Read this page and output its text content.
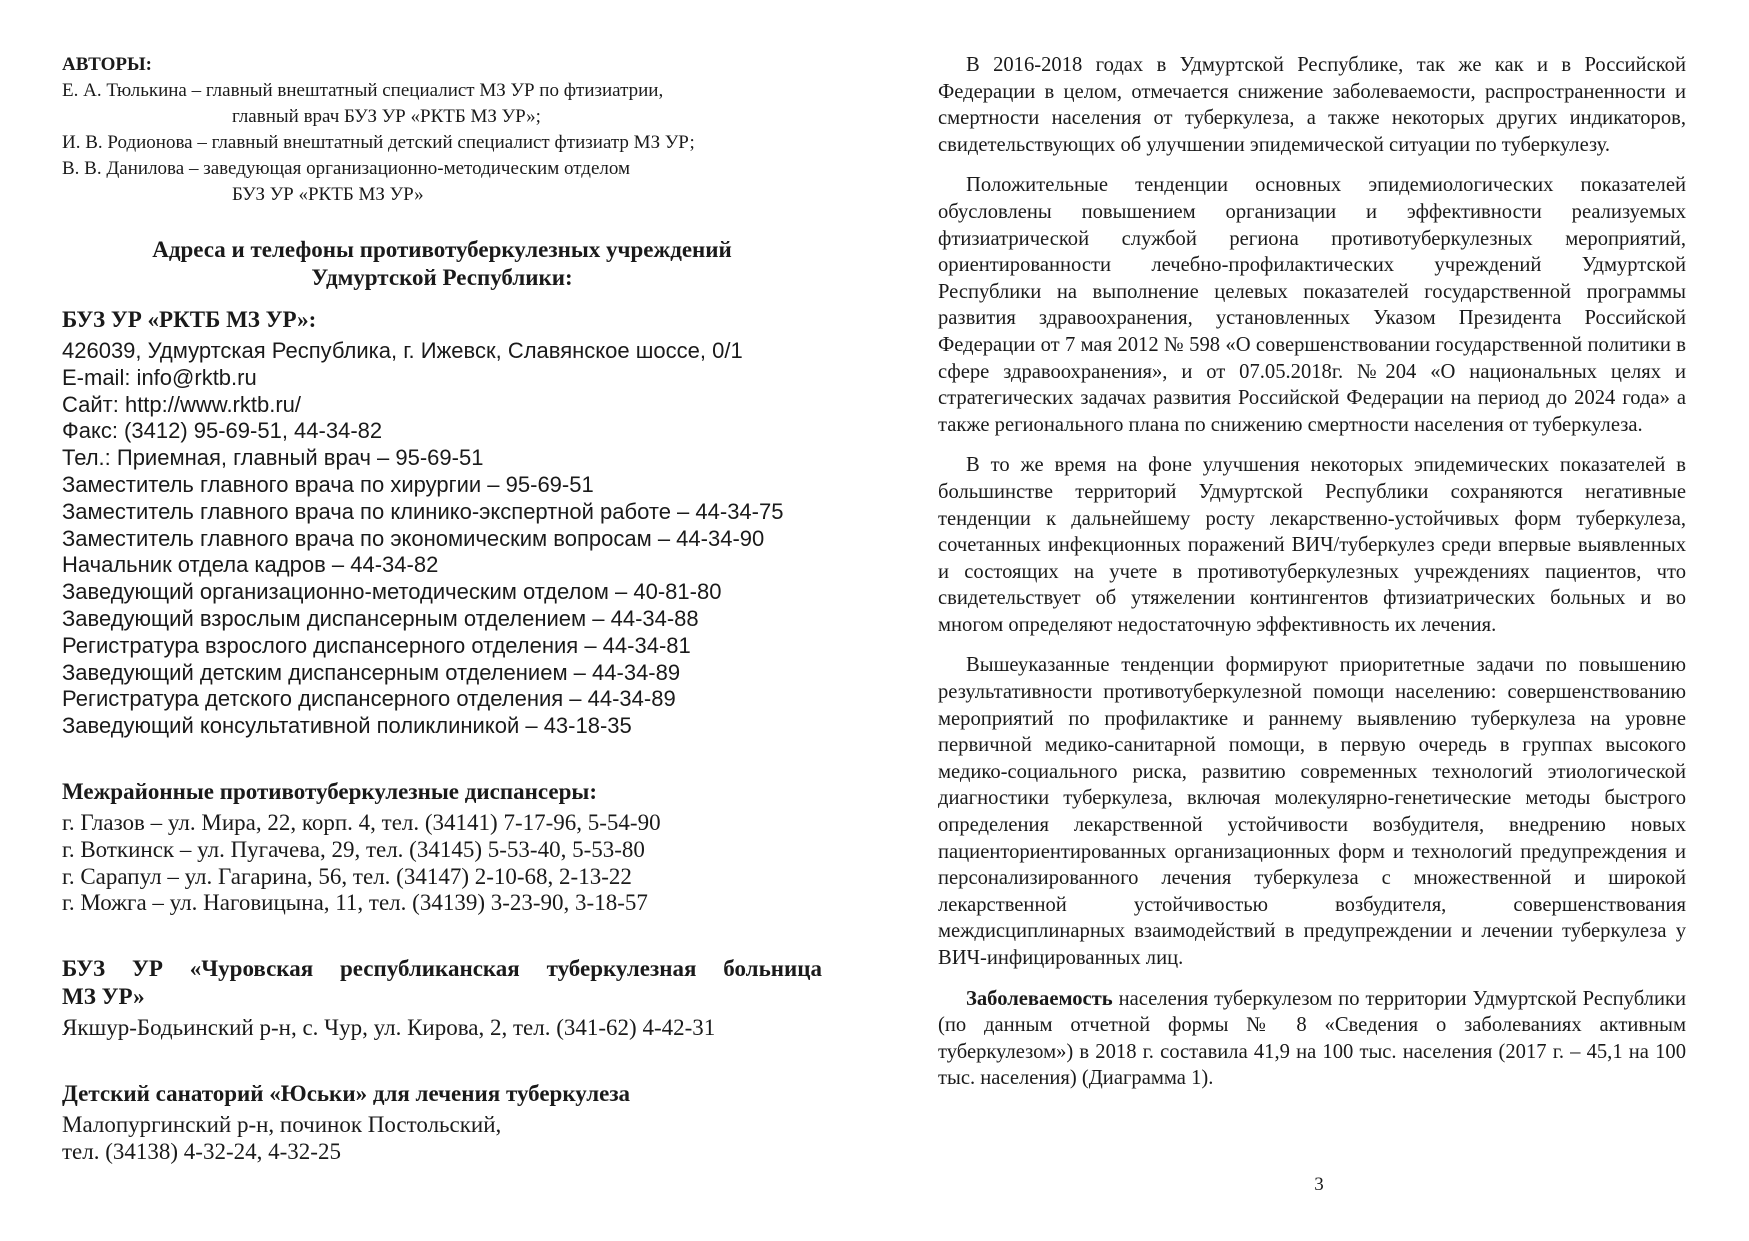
АВТОРЫ:

Е. А. Тюлькина – главный внештатный специалист МЗ УР по фтизиатрии,
главный врач БУЗ УР «РКТБ МЗ УР»;

И. В. Родионова – главный внештатный детский специалист фтизиатр МЗ УР;

В. В. Данилова – заведующая организационно-методическим отделом
БУЗ УР «РКТБ МЗ УР»

Адреса и телефоны противотуберкулезных учреждений
Удмуртской Республики:
БУЗ УР «РКТБ МЗ УР»:
426039, Удмуртская Республика, г. Ижевск, Славянское шоссе, 0/1
E-mail: info@rktb.ru
Сайт: http://www.rktb.ru/
Факс: (3412) 95-69-51, 44-34-82
Тел.: Приемная, главный врач – 95-69-51
Заместитель главного врача по хирургии – 95-69-51
Заместитель главного врача по клинико-экспертной работе – 44-34-75
Заместитель главного врача по экономическим вопросам – 44-34-90
Начальник отдела кадров – 44-34-82
Заведующий организационно-методическим отделом – 40-81-80
Заведующий взрослым диспансерным отделением – 44-34-88
Регистратура взрослого диспансерного отделения – 44-34-81
Заведующий детским диспансерным отделением – 44-34-89
Регистратура детского диспансерного отделения – 44-34-89
Заведующий консультативной поликлиникой – 43-18-35
Межрайонные противотуберкулезные диспансеры:
г. Глазов – ул. Мира, 22, корп. 4, тел. (34141) 7-17-96, 5-54-90
г. Воткинск – ул. Пугачева, 29, тел. (34145) 5-53-40, 5-53-80
г. Сарапул – ул. Гагарина, 56, тел. (34147) 2-10-68, 2-13-22
г. Можга – ул. Наговицына, 11, тел. (34139) 3-23-90, 3-18-57
БУЗ УР «Чуровская республиканская туберкулезная больница
МЗ УР»
Якшур-Бодьинский р-н, с. Чур, ул. Кирова, 2, тел. (341-62) 4-42-31
Детский санаторий «Юськи» для лечения туберкулеза
Малопургинский р-н, починок Постольский,
тел. (34138) 4-32-24, 4-32-25

В 2016-2018 годах в Удмуртской Республике, так же как и в Российской Федерации в целом, отмечается снижение заболеваемости, распространенности и смертности населения от туберкулеза, а также некоторых других индикаторов, свидетельствующих об улучшении эпидемической ситуации по туберкулезу.

Положительные тенденции основных эпидемиологических показателей обусловлены повышением организации и эффективности реализуемых фтизиатрической службой региона противотуберкулезных мероприятий, ориентированности лечебно-профилактических учреждений Удмуртской Республики на выполнение целевых показателей государственной программы развития здравоохранения, установленных Указом Президента Российской Федерации от 7 мая 2012 № 598 «О совершенствовании государственной политики в сфере здравоохранения», и от 07.05.2018г. №204 «О национальных целях и стратегических задачах развития Российской Федерации на период до 2024 года» а также регионального плана по снижению смертности населения от туберкулеза.

В то же время на фоне улучшения некоторых эпидемических показателей в большинстве территорий Удмуртской Республики сохраняются негативные тенденции к дальнейшему росту лекарственно-устойчивых форм туберкулеза, сочетанных инфекционных поражений ВИЧ/туберкулез среди впервые выявленных и состоящих на учете в противотуберкулезных учреждениях пациентов, что свидетельствует об утяжелении контингентов фтизиатрических больных и во многом определяют недостаточную эффективность их лечения.

Вышеуказанные тенденции формируют приоритетные задачи по повышению результативности противотуберкулезной помощи населению: совершенствованию мероприятий по профилактике и раннему выявлению туберкулеза на уровне первичной медико-санитарной помощи, в первую очередь в группах высокого медико-социального риска, развитию современных технологий этиологической диагностики туберкулеза, включая молекулярно-генетические методы быстрого определения лекарственной устойчивости возбудителя, внедрению новых пациенториентированных организационных форм и технологий предупреждения и персонализированного лечения туберкулеза с множественной и широкой лекарственной устойчивостью возбудителя, совершенствования междисциплинарных взаимодействий в предупреждении и лечении туберкулеза у ВИЧ-инфицированных лиц.

Заболеваемость населения туберкулезом по территории Удмуртской Республики (по данным отчетной формы № 8 «Сведения о заболеваниях активным туберкулезом») в 2018 г. составила 41,9 на 100 тыс. населения (2017 г. – 45,1 на 100 тыс. населения) (Диаграмма 1).

3
